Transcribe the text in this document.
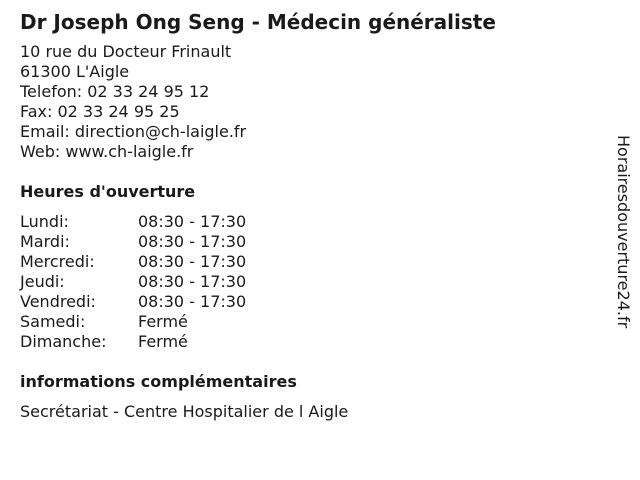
Dr Joseph Ong Seng - Médecin généraliste
10 rue du Docteur Frinault
61300 L'Aigle
Telefon: 02 33 24 95 12
Fax: 02 33 24 95 25
Email: direction@ch-laigle.fr
Web: www.ch-laigle.fr
Heures d'ouverture
Lundi:	08:30 - 17:30
Mardi:	08:30 - 17:30
Mercredi:	08:30 - 17:30
Jeudi:	08:30 - 17:30
Vendredi:	08:30 - 17:30
Samedi:	Fermé
Dimanche:	Fermé
informations complémentaires
Secrétariat - Centre Hospitalier de l Aigle
Horairesdouverture24.fr
